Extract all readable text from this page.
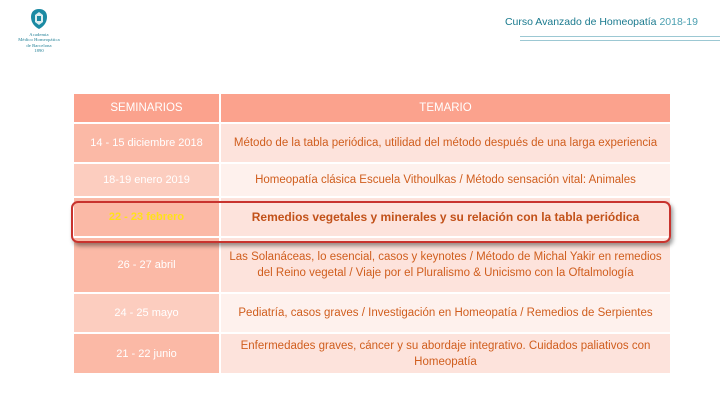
Academia
Médico Homeopática
de Barcelona
1890
Curso Avanzado de Homeopatía 2018-19
SEMINARIOS	TEMARIO
14 - 15 diciembre 2018	Método de la tabla periódica, utilidad del método después de una larga experiencia
18-19 enero 2019	Homeopatía clásica Escuela Vithoulkas / Método sensación vital: Animales
22 - 23 febrero	Remedios vegetales y minerales y su relación con la tabla periódica
26 - 27 abril	Las Solanáceas, lo esencial, casos y keynotes / Método de Michal Yakir en remedios del Reino vegetal / Viaje por el Pluralismo & Unicismo con la Oftalmología
24 - 25 mayo	Pediatría, casos graves / Investigación en Homeopatía / Remedios de Serpientes
21 - 22 junio	Enfermedades graves, cáncer y su abordaje integrativo. Cuidados paliativos con Homeopatía
